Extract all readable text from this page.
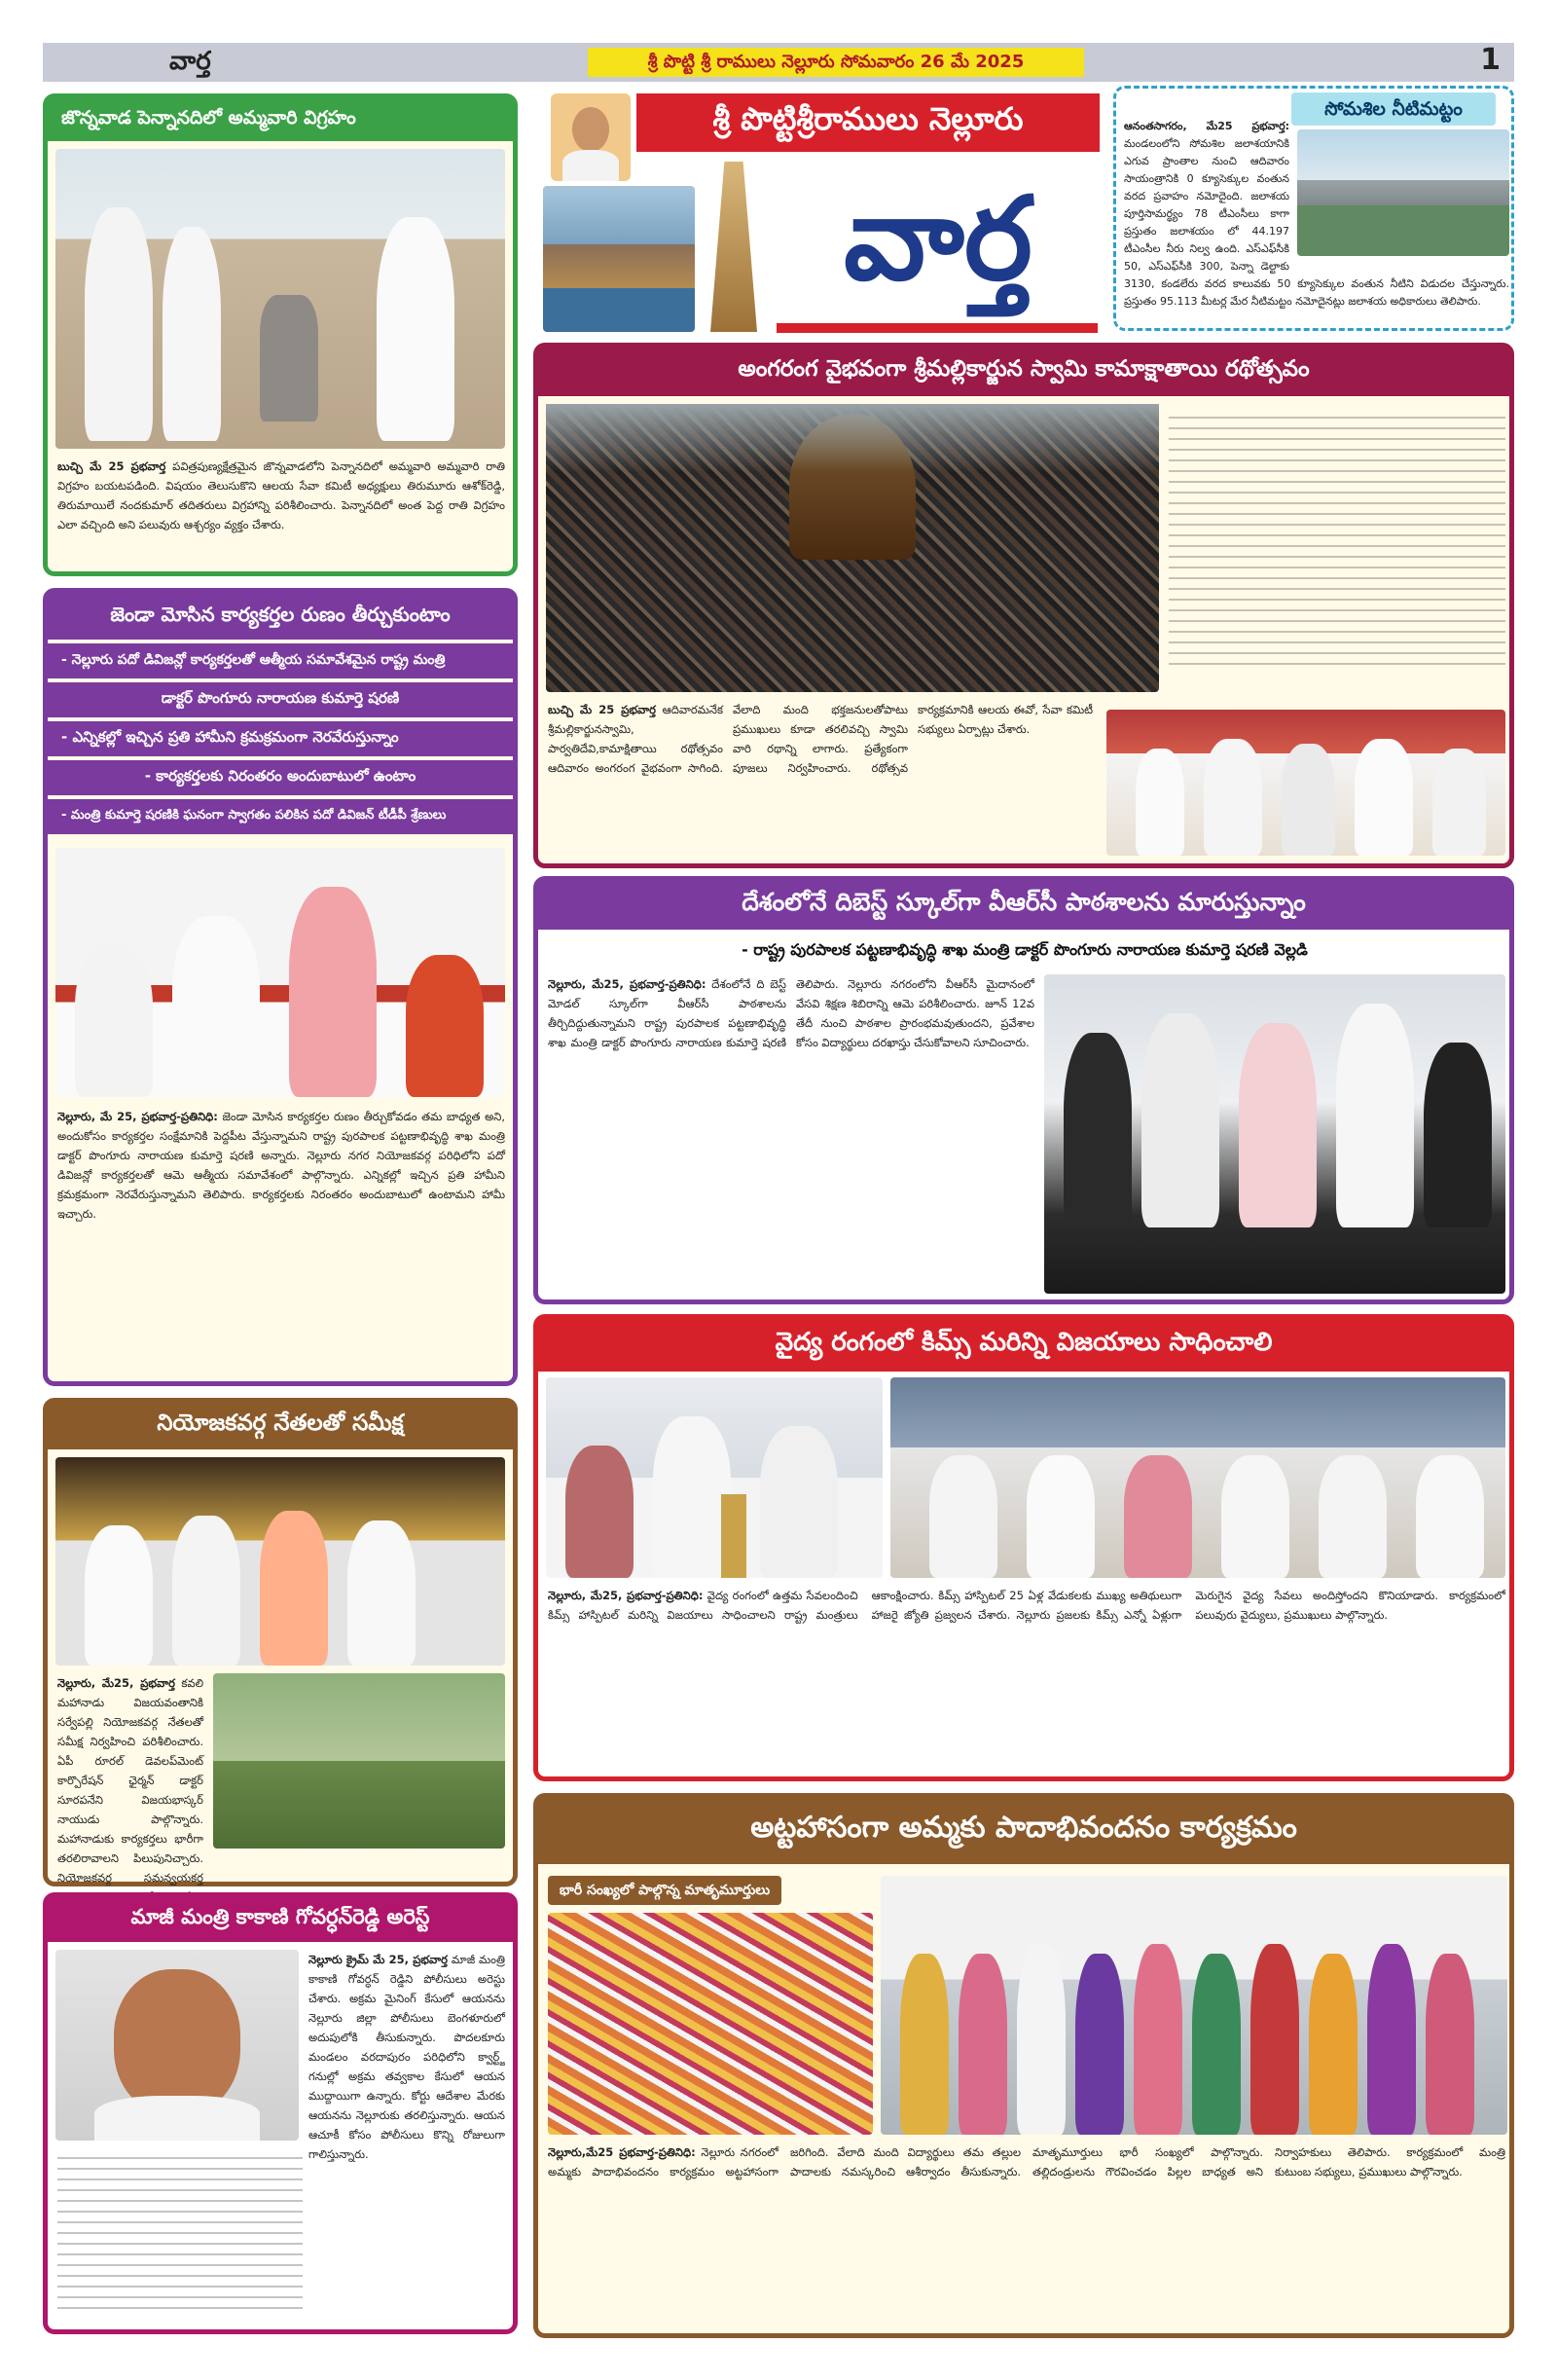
వార్త	శ్రీ పొట్టి శ్రీ రాములు నెల్లూరు సోమవారం 26 మే 2025	1
జొన్నవాడ పెన్నానదిలో అమ్మవారి విగ్రహం
బుచ్చి మే 25 ప్రభవార్త పవిత్రపుణ్యక్షేత్రమైన జొన్నవాడలోని పెన్నానదిలో అమ్మవారి అమ్మవారి రాతి విగ్రహం బయటపడింది. విషయం తెలుసుకొని ఆలయ సేవా కమిటీ అధ్యక్షులు తిరుమూరు ఆశోక్‌రెడ్డి, తిరుమాయిలే నందకుమార్ తదితరులు విగ్రహాన్ని పరిశీలించారు. పెన్నానదిలో అంత పెద్ద రాతి విగ్రహం ఎలా వచ్చింది అని పలువురు ఆశ్చర్యం వ్యక్తం చేశారు.
శ్రీ పొట్టిశ్రీరాములు నెల్లూరు
వార్త
సోమశిల నీటిమట్టం
ఆనంతసాగరం, మే25 ప్రభవార్త: మండలంలోని సోమశిల జలాశయానికి ఎగువ ప్రాంతాల నుంచి ఆదివారం సాయంత్రానికి 0 క్యూసెక్కుల వంతున వరద ప్రవాహం నమోదైంది. జలాశయ పూర్తిసామర్థ్యం 78 టీఎంసీలు కాగా ప్రస్తుతం జలాశయం లో 44.197 టీఎంసీల నీరు నిల్వ ఉంది. ఎస్ఎఫ్‌సీకి 50, ఎస్ఎఫ్‌సీకి 300, పెన్నా డెల్టాకు 3130, కండలేరు వరద కాలువకు 50 క్యూసెక్కుల వంతున నీటిని విడుదల చేస్తున్నారు. ప్రస్తుతం 95.113 మీటర్ల మేర నీటిమట్టం నమోదైనట్లు జలాశయ అధికారులు తెలిపారు.
అంగరంగ వైభవంగా శ్రీమల్లికార్జున స్వామి కామాక్షాతాయి రథోత్సవం
బుచ్చి మే 25 ప్రభవార్త ఆదివారమనేక శ్రీమల్లికార్జునస్వామి, పార్వతిదేవి,కామాక్షితాయి రథోత్సవం ఆదివారం అంగరంగ వైభవంగా సాగింది. వేలాది మంది భక్తజనులతోపాటు ప్రముఖులు కూడా తరలివచ్చి స్వామి వారి రథాన్ని లాగారు. ప్రత్యేకంగా పూజలు నిర్వహించారు. రథోత్సవ కార్యక్రమానికి ఆలయ ఈవో, సేవా కమిటీ సభ్యులు ఏర్పాట్లు చేశారు.
జెండా మోసిన కార్యకర్తల రుణం తీర్చుకుంటాం
- నెల్లూరు పదో డివిజన్లో కార్యకర్తలతో ఆత్మీయ సమావేశమైన రాష్ట్ర మంత్రి
డాక్టర్ పొంగూరు నారాయణ కుమార్తె షరణి
- ఎన్నికల్లో ఇచ్చిన ప్రతి హామీని క్రమక్రమంగా నెరవేరుస్తున్నాం
- కార్యకర్తలకు నిరంతరం అందుబాటులో ఉంటాం
- మంత్రి కుమార్తె షరణికి ఘనంగా స్వాగతం పలికిన పదో డివిజన్ టీడీపీ శ్రేణులు
నెల్లూరు, మే 25, ప్రభవార్త-ప్రతినిధి: జెండా మోసిన కార్యకర్తల రుణం తీర్చుకోవడం తమ బాధ్యత అని, అందుకోసం కార్యకర్తల సంక్షేమానికి పెద్దపీట వేస్తున్నామని రాష్ట్ర పురపాలక పట్టణాభివృద్ధి శాఖ మంత్రి డాక్టర్ పొంగూరు నారాయణ కుమార్తె షరణి అన్నారు. నెల్లూరు నగర నియోజకవర్గ పరిధిలోని పదో డివిజన్లో కార్యకర్తలతో ఆమె ఆత్మీయ సమావేశంలో పాల్గొన్నారు. ఎన్నికల్లో ఇచ్చిన ప్రతి హామీని క్రమక్రమంగా నెరవేరుస్తున్నామని తెలిపారు. కార్యకర్తలకు నిరంతరం అందుబాటులో ఉంటామని హామీ ఇచ్చారు.
దేశంలోనే దిబెస్ట్ స్కూల్‌గా వీఆర్‌సీ పాఠశాలను మారుస్తున్నాం
- రాష్ట్ర పురపాలక పట్టణాభివృద్ధి శాఖ మంత్రి డాక్టర్ పొంగూరు నారాయణ కుమార్తె షరణి వెల్లడి
నెల్లూరు, మే25, ప్రభవార్త-ప్రతినిధి: దేశంలోనే ది బెస్ట్ మోడల్ స్కూల్‌గా వీఆర్‌సీ పాఠశాలను తీర్చిదిద్దుతున్నామని రాష్ట్ర పురపాలక పట్టణాభివృద్ధి శాఖ మంత్రి డాక్టర్ పొంగూరు నారాయణ కుమార్తె షరణి తెలిపారు. నెల్లూరు నగరంలోని వీఆర్‌సీ మైదానంలో వేసవి శిక్షణ శిబిరాన్ని ఆమె పరిశీలించారు. జూన్ 12వ తేదీ నుంచి పాఠశాల ప్రారంభమవుతుందని, ప్రవేశాల కోసం విద్యార్థులు దరఖాస్తు చేసుకోవాలని సూచించారు.
నియోజకవర్గ నేతలతో సమీక్ష
నెల్లూరు, మే25, ప్రభవార్త కవలి మహానాడు విజయవంతానికి సర్వేపల్లి నియోజకవర్గ నేతలతో సమీక్ష నిర్వహించి పరిశీలించారు. ఏపీ రూరల్ డెవలప్‌మెంట్ కార్పొరేషన్ ఛైర్మన్ డాక్టర్ సూరపనేని విజయభాస్కర్ నాయుడు పాల్గొన్నారు. మహానాడుకు కార్యకర్తలు భారీగా తరలిరావాలని పిలుపునిచ్చారు. నియోజకవర్గ సమన్వయకర్త
వైద్య రంగంలో కిమ్స్ మరిన్ని విజయాలు సాధించాలి
నెల్లూరు, మే25, ప్రభవార్త-ప్రతినిధి: వైద్య రంగంలో ఉత్తమ సేవలందించి కిమ్స్ హాస్పిటల్ మరిన్ని విజయాలు సాధించాలని రాష్ట్ర మంత్రులు ఆకాంక్షించారు. కిమ్స్ హాస్పిటల్ 25 ఏళ్ల వేడుకలకు ముఖ్య అతిథులుగా హాజరై జ్యోతి ప్రజ్వలన చేశారు. నెల్లూరు ప్రజలకు కిమ్స్ ఎన్నో ఏళ్లుగా మెరుగైన వైద్య సేవలు అందిస్తోందని కొనియాడారు. కార్యక్రమంలో పలువురు వైద్యులు, ప్రముఖులు పాల్గొన్నారు.
మాజీ మంత్రి కాకాణి గోవర్ధన్‌రెడ్డి అరెస్ట్
నెల్లూరు క్రైమ్ మే 25, ప్రభవార్త మాజీ మంత్రి కాకాణి గోవర్ధన్ రెడ్డిని పోలీసులు అరెస్టు చేశారు. అక్రమ మైనింగ్ కేసులో ఆయనను నెల్లూరు జిల్లా పోలీసులు బెంగళూరులో అదుపులోకి తీసుకున్నారు. పొదలకూరు మండలం వరదాపురం పరిధిలోని క్వార్ట్జ్ గనుల్లో అక్రమ తవ్వకాల కేసులో ఆయన ముద్దాయిగా ఉన్నారు. కోర్టు ఆదేశాల మేరకు ఆయనను నెల్లూరుకు తరలిస్తున్నారు. ఆయన ఆచూకీ కోసం పోలీసులు కొన్ని రోజులుగా గాలిస్తున్నారు.
అట్టహాసంగా అమ్మకు పాదాభివందనం కార్యక్రమం
భారీ సంఖ్యలో పాల్గొన్న మాతృమూర్తులు
నెల్లూరు,మే25 ప్రభవార్త-ప్రతినిధి: నెల్లూరు నగరంలో అమ్మకు పాదాభివందనం కార్యక్రమం అట్టహాసంగా జరిగింది. వేలాది మంది విద్యార్థులు తమ తల్లుల పాదాలకు నమస్కరించి ఆశీర్వాదం తీసుకున్నారు. మాతృమూర్తులు భారీ సంఖ్యలో పాల్గొన్నారు. తల్లిదండ్రులను గౌరవించడం పిల్లల బాధ్యత అని నిర్వాహకులు తెలిపారు. కార్యక్రమంలో మంత్రి కుటుంబ సభ్యులు, ప్రముఖులు పాల్గొన్నారు.
